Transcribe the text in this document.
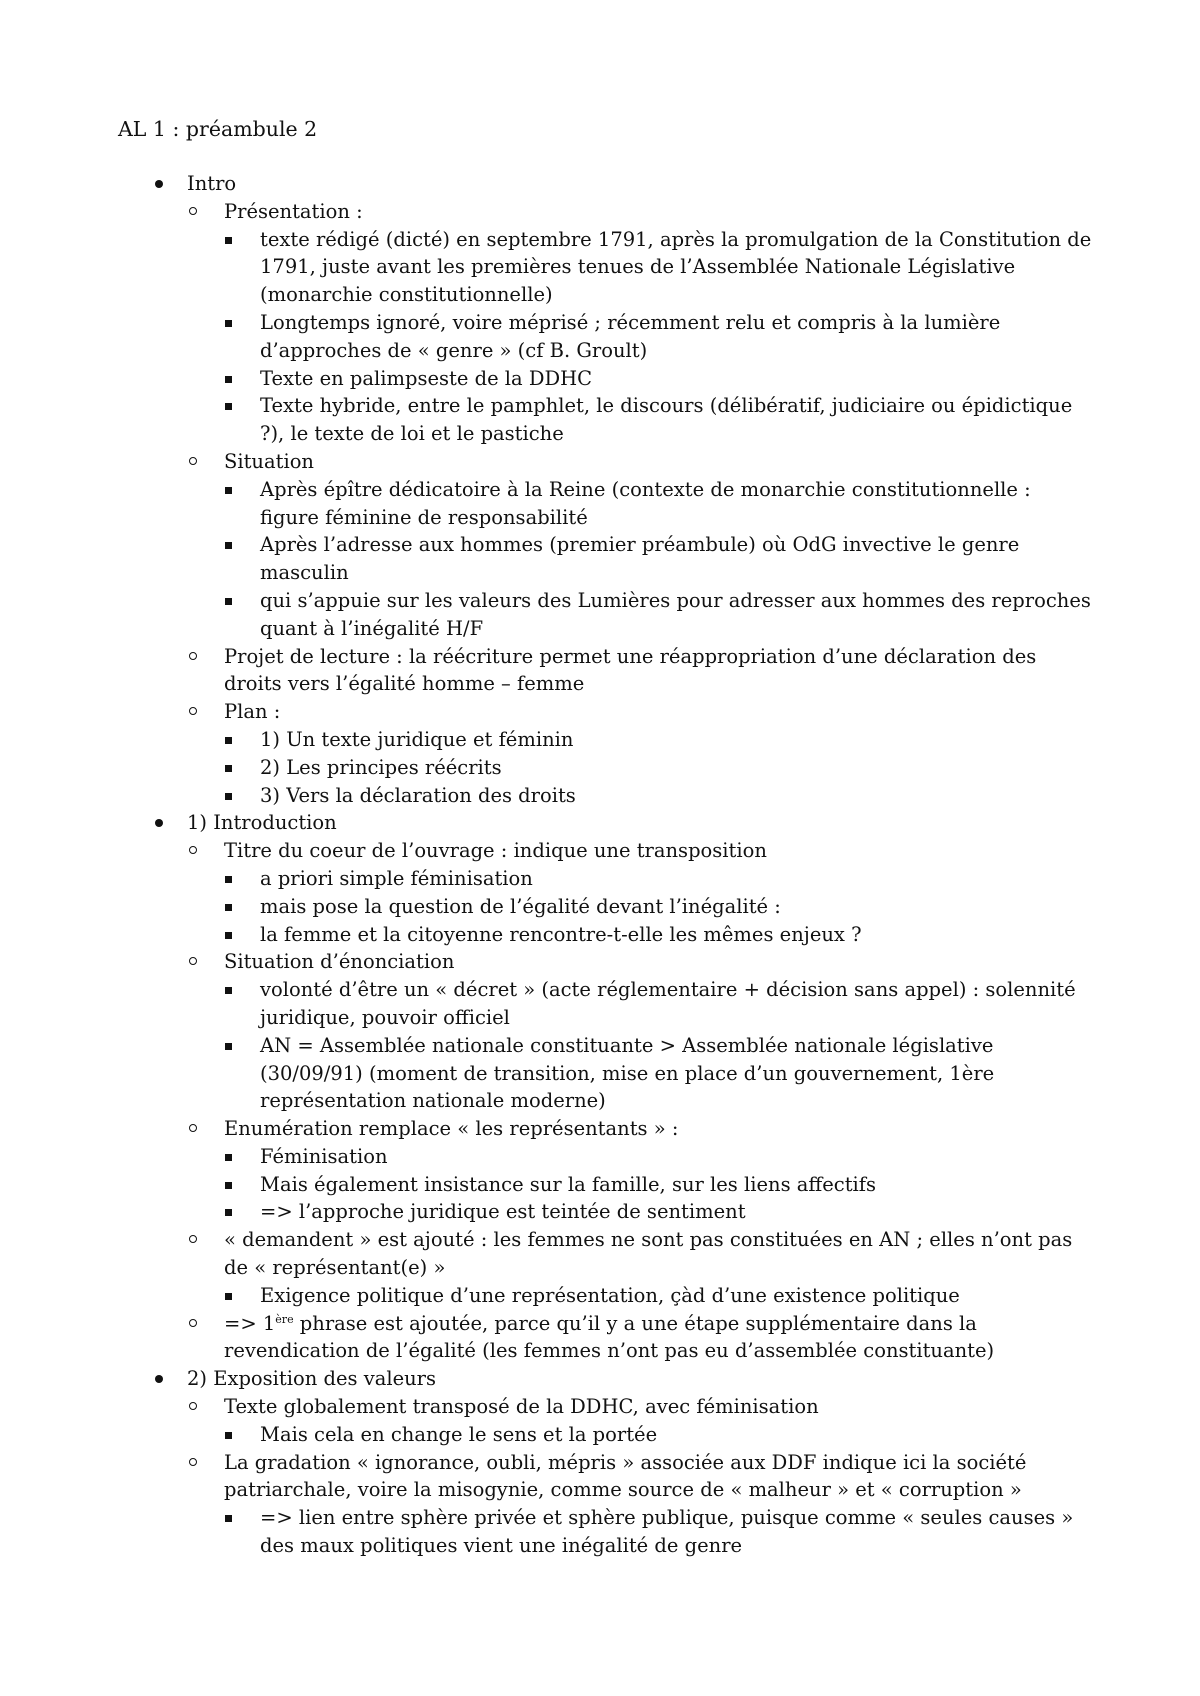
AL 1 : préambule 2
Intro
Présentation :
texte rédigé (dicté) en septembre 1791, après la promulgation de la Constitution de 1791, juste avant les premières tenues de l’Assemblée Nationale Législative (monarchie constitutionnelle)
Longtemps ignoré, voire méprisé ; récemment relu et compris à la lumière d’approches de « genre » (cf B. Groult)
Texte en palimpseste de la DDHC
Texte hybride, entre le pamphlet, le discours (délibératif, judiciaire ou épidictique ?), le texte de loi et le pastiche
Situation
Après épître dédicatoire à la Reine (contexte de monarchie constitutionnelle : figure féminine de responsabilité
Après l’adresse aux hommes (premier préambule) où OdG invective le genre masculin
qui s’appuie sur les valeurs des Lumières pour adresser aux hommes des reproches quant à l’inégalité H/F
Projet de lecture : la réécriture permet une réappropriation d’une déclaration des droits vers l’égalité homme – femme
Plan :
1) Un texte juridique et féminin
2) Les principes réécrits
3) Vers la déclaration des droits
1) Introduction
Titre du coeur de l’ouvrage : indique une transposition
a priori simple féminisation
mais pose la question de l’égalité devant l’inégalité :
la femme et la citoyenne rencontre-t-elle les mêmes enjeux ?
Situation d’énonciation
volonté d’être un « décret » (acte réglementaire + décision sans appel) : solennité juridique, pouvoir officiel
AN = Assemblée nationale constituante > Assemblée nationale législative (30/09/91) (moment de transition, mise en place d’un gouvernement, 1ère représentation nationale moderne)
Enumération remplace « les représentants » :
Féminisation
Mais également insistance sur la famille, sur les liens affectifs
=> l’approche juridique est teintée de sentiment
« demandent » est ajouté : les femmes ne sont pas constituées en AN ; elles n’ont pas de « représentant(e) »
Exigence politique d’une représentation, çàd d’une existence politique
=> 1ère phrase est ajoutée, parce qu’il y a une étape supplémentaire dans la revendication de l’égalité (les femmes n’ont pas eu d’assemblée constituante)
2) Exposition des valeurs
Texte globalement transposé de la DDHC, avec féminisation
Mais cela en change le sens et la portée
La gradation « ignorance, oubli, mépris » associée aux DDF indique ici la société patriarchale, voire la misogynie, comme source de « malheur » et « corruption »
=> lien entre sphère privée et sphère publique, puisque comme « seules causes » des maux politiques vient une inégalité de genre
